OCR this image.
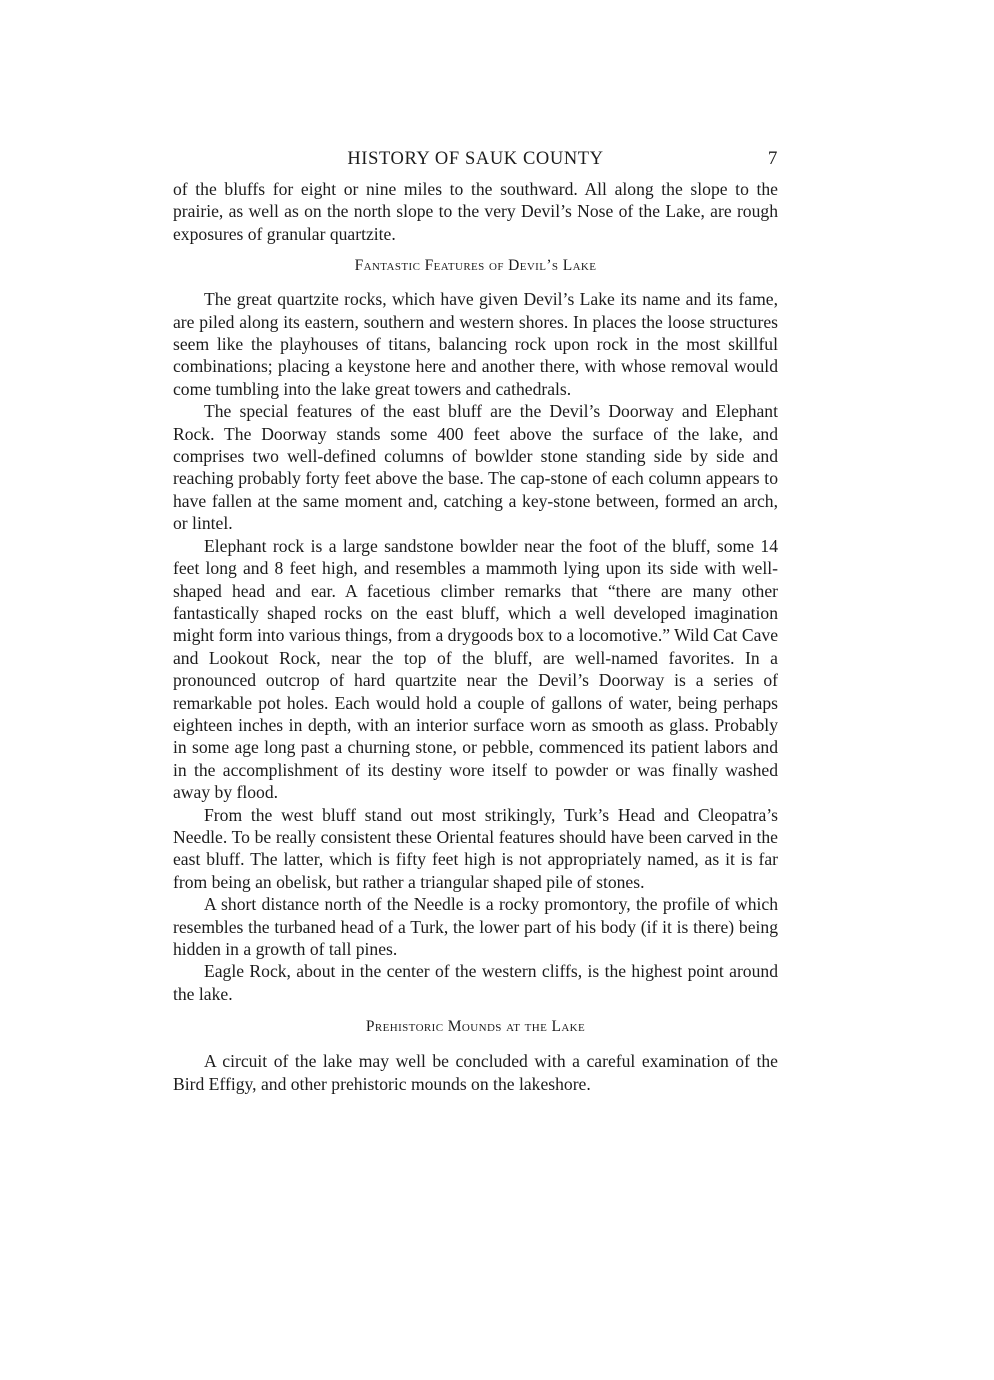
HISTORY OF SAUK COUNTY	7

of the bluffs for eight or nine miles to the southward. All along the slope to the prairie, as well as on the north slope to the very Devil’s Nose of the Lake, are rough exposures of granular quartzite.

Fantastic Features of Devil’s Lake

The great quartzite rocks, which have given Devil’s Lake its name and its fame, are piled along its eastern, southern and western shores. In places the loose structures seem like the playhouses of titans, balancing rock upon rock in the most skillful combinations; placing a keystone here and another there, with whose removal would come tumbling into the lake great towers and cathedrals.

The special features of the east bluff are the Devil’s Doorway and Elephant Rock. The Doorway stands some 400 feet above the surface of the lake, and comprises two well-defined columns of bowlder stone standing side by side and reaching probably forty feet above the base. The cap-stone of each column appears to have fallen at the same moment and, catching a key-stone between, formed an arch, or lintel.

Elephant rock is a large sandstone bowlder near the foot of the bluff, some 14 feet long and 8 feet high, and resembles a mammoth lying upon its side with well-shaped head and ear. A facetious climber remarks that “there are many other fantastically shaped rocks on the east bluff, which a well developed imagination might form into various things, from a drygoods box to a locomotive.” Wild Cat Cave and Lookout Rock, near the top of the bluff, are well-named favorites. In a pronounced outcrop of hard quartzite near the Devil’s Doorway is a series of remarkable pot holes. Each would hold a couple of gallons of water, being perhaps eighteen inches in depth, with an interior surface worn as smooth as glass. Probably in some age long past a churning stone, or pebble, commenced its patient labors and in the accomplishment of its destiny wore itself to powder or was finally washed away by flood.

From the west bluff stand out most strikingly, Turk’s Head and Cleopatra’s Needle. To be really consistent these Oriental features should have been carved in the east bluff. The latter, which is fifty feet high is not appropriately named, as it is far from being an obelisk, but rather a triangular shaped pile of stones.

A short distance north of the Needle is a rocky promontory, the profile of which resembles the turbaned head of a Turk, the lower part of his body (if it is there) being hidden in a growth of tall pines.

Eagle Rock, about in the center of the western cliffs, is the highest point around the lake.

Prehistoric Mounds at the Lake

A circuit of the lake may well be concluded with a careful examination of the Bird Effigy, and other prehistoric mounds on the lakeshore.
